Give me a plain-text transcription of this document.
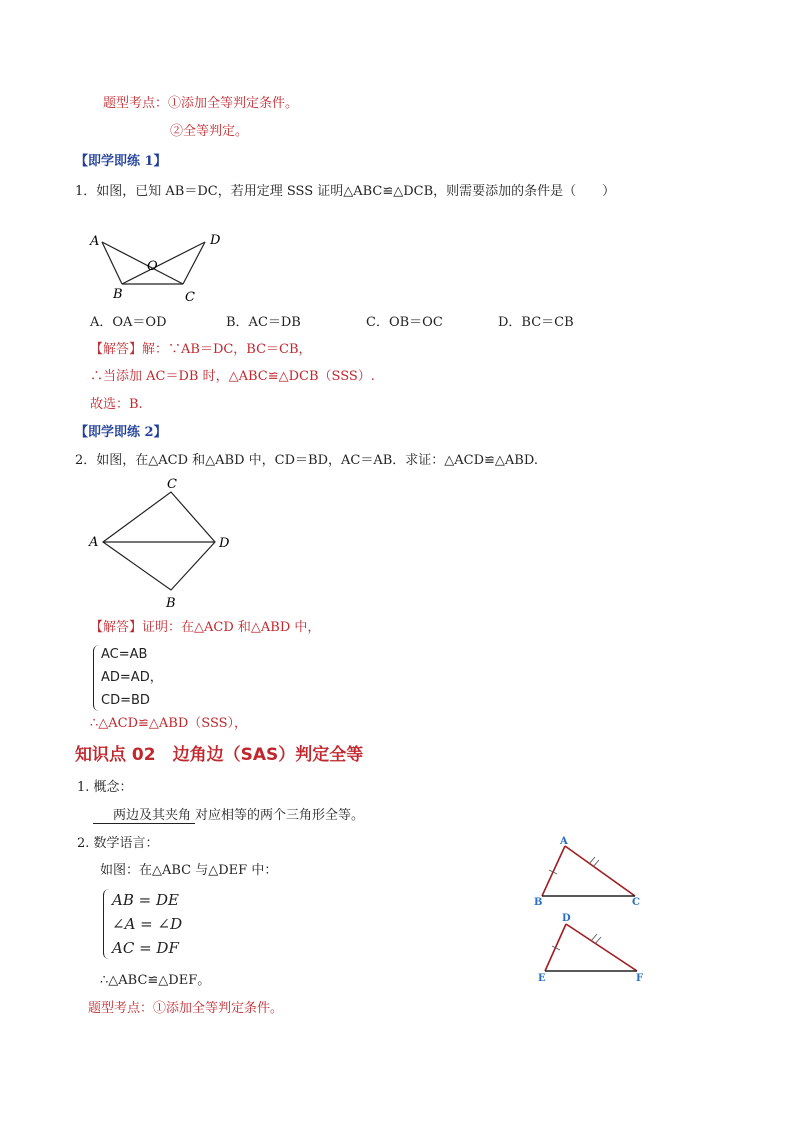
题型考点：①添加全等判定条件。
②全等判定。
【即学即练 1】
1．如图，已知 AB＝DC，若用定理 SSS 证明△ABC≌△DCB，则需要添加的条件是（　　）
A	D
O
B	C
A．OA＝OD	B．AC＝DB	C．OB＝OC	D．BC＝CB
【解答】解：∵AB＝DC，BC＝CB，
∴当添加 AC＝DB 时，△ABC≌△DCB（SSS）.
故选：B.
【即学即练 2】
2．如图，在△ACD 和△ABD 中，CD＝BD，AC＝AB．求证：△ACD≌△ABD.
C
A	D
B
【解答】证明：在△ACD 和△ABD 中，
AC=AB
AD=AD，
CD=BD
∴△ACD≌△ABD（SSS），
知识点 02　边角边（SAS）判定全等
1. 概念：
两边及其夹角 对应相等的两个三角形全等。
2. 数学语言：
如图：在△ABC 与△DEF 中：
AB = DE
∠A = ∠D
AC = DF
∴△ABC≌△DEF。
题型考点：①添加全等判定条件。
A
B	C
D
E	F
